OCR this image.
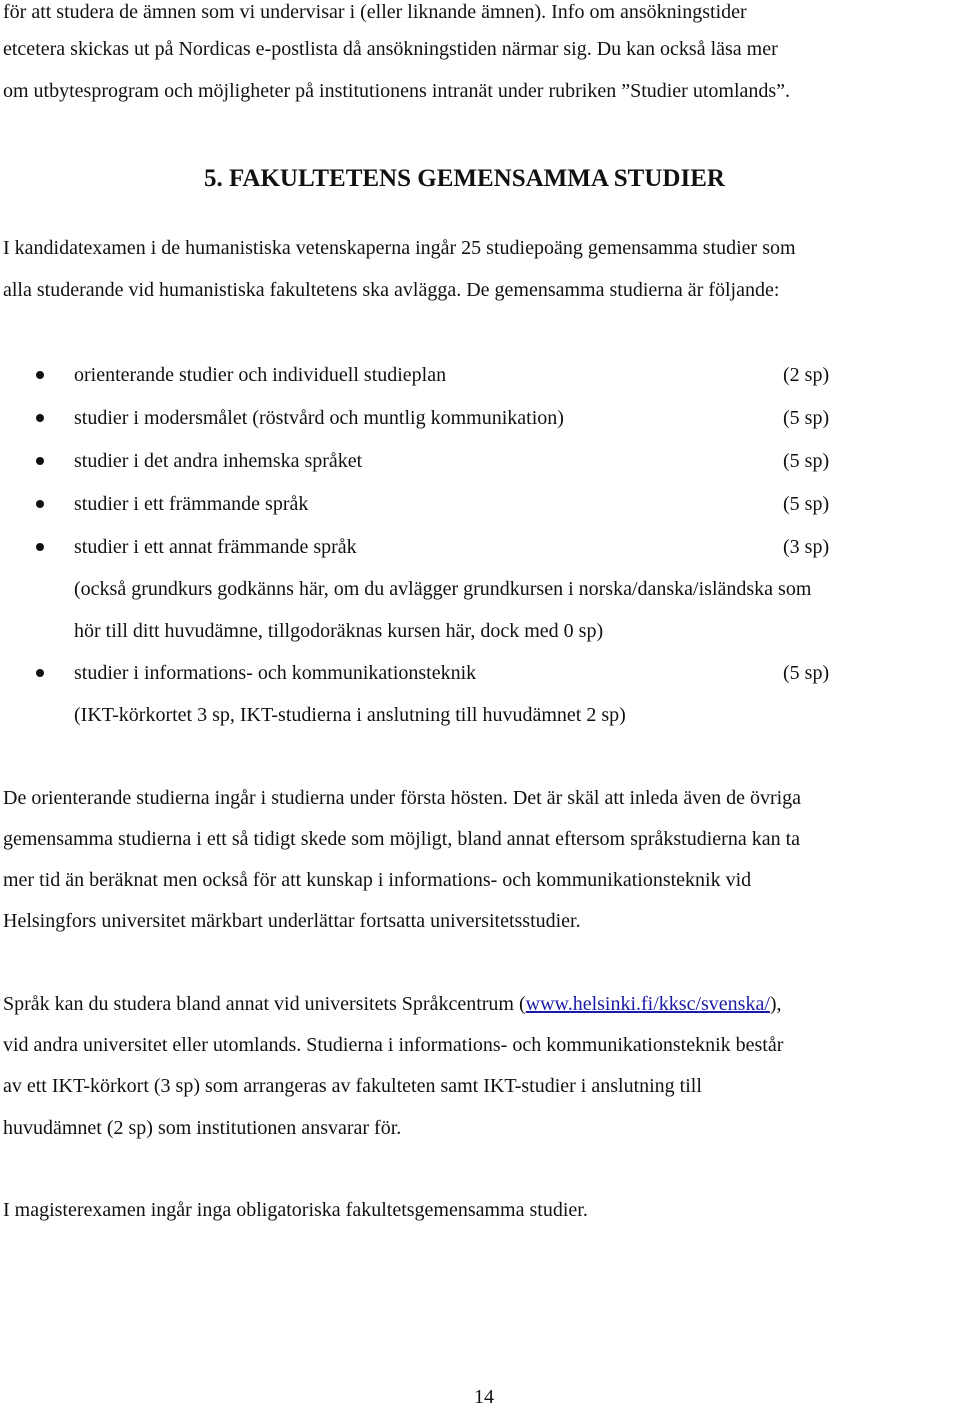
för att studera de ämnen som vi undervisar i (eller liknande ämnen). Info om ansökningstider
etcetera skickas ut på Nordicas e-postlista då ansökningstiden närmar sig. Du kan också läsa mer
om utbytesprogram och möjligheter på institutionens intranät under rubriken ”Studier utomlands”.
5. FAKULTETENS GEMENSAMMA STUDIER
I kandidatexamen i de humanistiska vetenskaperna ingår 25 studiepoäng gemensamma studier som
alla studerande vid humanistiska fakultetens ska avlägga. De gemensamma studierna är följande:
orienterande studier och individuell studieplan	(2 sp)
studier i modersmålet (röstvård och muntlig kommunikation)	(5 sp)
studier i det andra inhemska språket	(5 sp)
studier i ett främmande språk	(5 sp)
studier i ett annat främmande språk	(3 sp)
(också grundkurs godkänns här, om du avlägger grundkursen i norska/danska/isländska som
hör till ditt huvudämne, tillgodoräknas kursen här, dock med 0 sp)
studier i informations- och kommunikationsteknik	(5 sp)
(IKT-körkortet 3 sp, IKT-studierna i anslutning till huvudämnet 2 sp)
De orienterande studierna ingår i studierna under första hösten. Det är skäl att inleda även de övriga
gemensamma studierna i ett så tidigt skede som möjligt, bland annat eftersom språkstudierna kan ta
mer tid än beräknat men också för att kunskap i informations- och kommunikationsteknik vid
Helsingfors universitet märkbart underlättar fortsatta universitetsstudier.
Språk kan du studera bland annat vid universitets Språkcentrum (www.helsinki.fi/kksc/svenska/),
vid andra universitet eller utomlands. Studierna i informations- och kommunikationsteknik består
av ett IKT-körkort (3 sp) som arrangeras av fakulteten samt IKT-studier i anslutning till
huvudämnet (2 sp) som institutionen ansvarar för.
I magisterexamen ingår inga obligatoriska fakultetsgemensamma studier.
14
